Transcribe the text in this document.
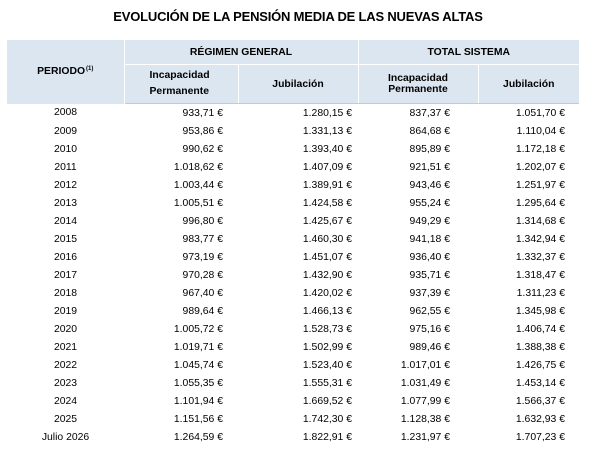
EVOLUCIÓN DE LA PENSIÓN MEDIA DE LAS NUEVAS ALTAS
PERIODO$^{(1)}$	RÉGIMEN GENERAL		TOTAL SISTEMA	
	Incapacidad
Permanente	Jubilación	Incapacidad Permanente	Jubilación
2008	933,71 €	1.280,15 €	837,37 €	1.051,70 €
2009	953,86 €	1.331,13 €	864,68 €	1.110,04 €
2010	990,62 €	1.393,40 €	895,89 €	1.172,18 €
2011	1.018,62 €	1.407,09 €	921,51 €	1.202,07 €
2012	1.003,44 €	1.389,91 €	943,46 €	1.251,97 €
2013	1.005,51 €	1.424,58 €	955,24 €	1.295,64 €
2014	996,80 €	1.425,67 €	949,29 €	1.314,68 €
2015	983,77 €	1.460,30 €	941,18 €	1.342,94 €
2016	973,19 €	1.451,07 €	936,40 €	1.332,37 €
2017	970,28 €	1.432,90 €	935,71 €	1.318,47 €
2018	967,40 €	1.420,02 €	937,39 €	1.311,23 €
2019	989,64 €	1.466,13 €	962,55 €	1.345,98 €
2020	1.005,72 €	1.528,73 €	975,16 €	1.406,74 €
2021	1.019,71 €	1.502,99 €	989,46 €	1.388,38 €
2022	1.045,74 €	1.523,40 €	1.017,01 €	1.426,75 €
2023	1.055,35 €	1.555,31 €	1.031,49 €	1.453,14 €
2024	1.101,94 €	1.669,52 €	1.077,99 €	1.566,37 €
2025	1.151,56 €	1.742,30 €	1.128,38 €	1.632,93 €
Julio 2026	1.264,59 €	1.822,91 €	1.231,97 €	1.707,23 €
